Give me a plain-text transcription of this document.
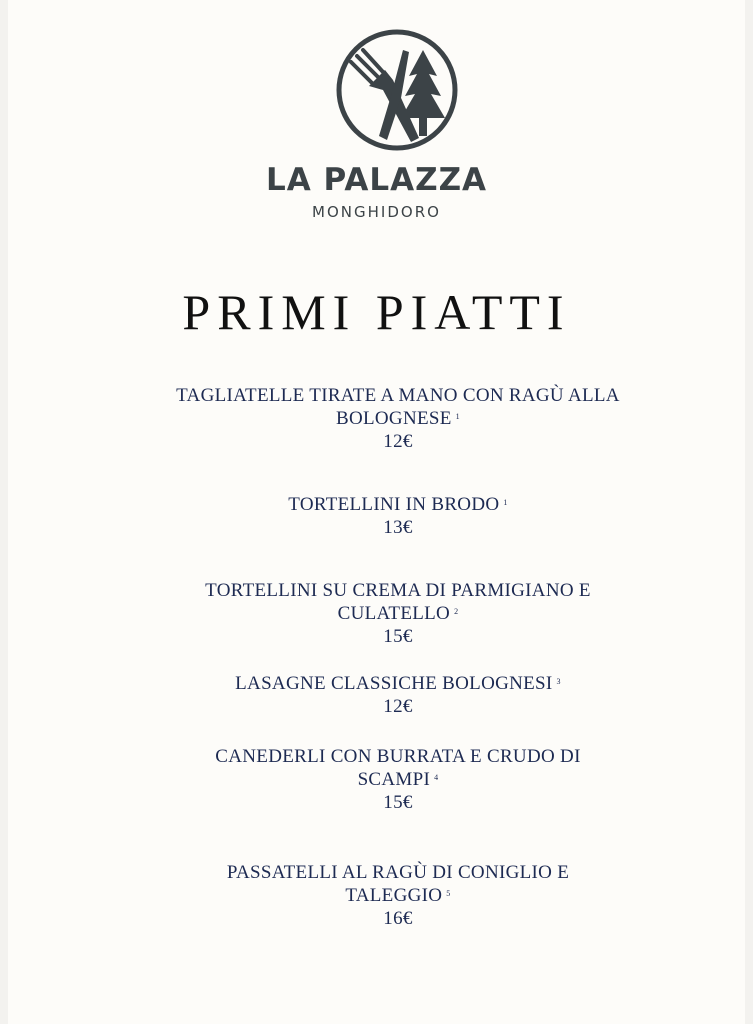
LA PALAZZA
MONGHIDORO
PRIMI PIATTI
TAGLIATELLE TIRATE A MANO CON RAGÙ ALLA
BOLOGNESE $^1$
12€
TORTELLINI IN BRODO $^1$
13€
TORTELLINI SU CREMA DI PARMIGIANO E
CULATELLO $^2$
15€
LASAGNE CLASSICHE BOLOGNESI $^3$
12€
CANEDERLI CON BURRATA E CRUDO DI
SCAMPI $^4$
15€
PASSATELLI AL RAGÙ DI CONIGLIO E
TALEGGIO $^5$
16€
